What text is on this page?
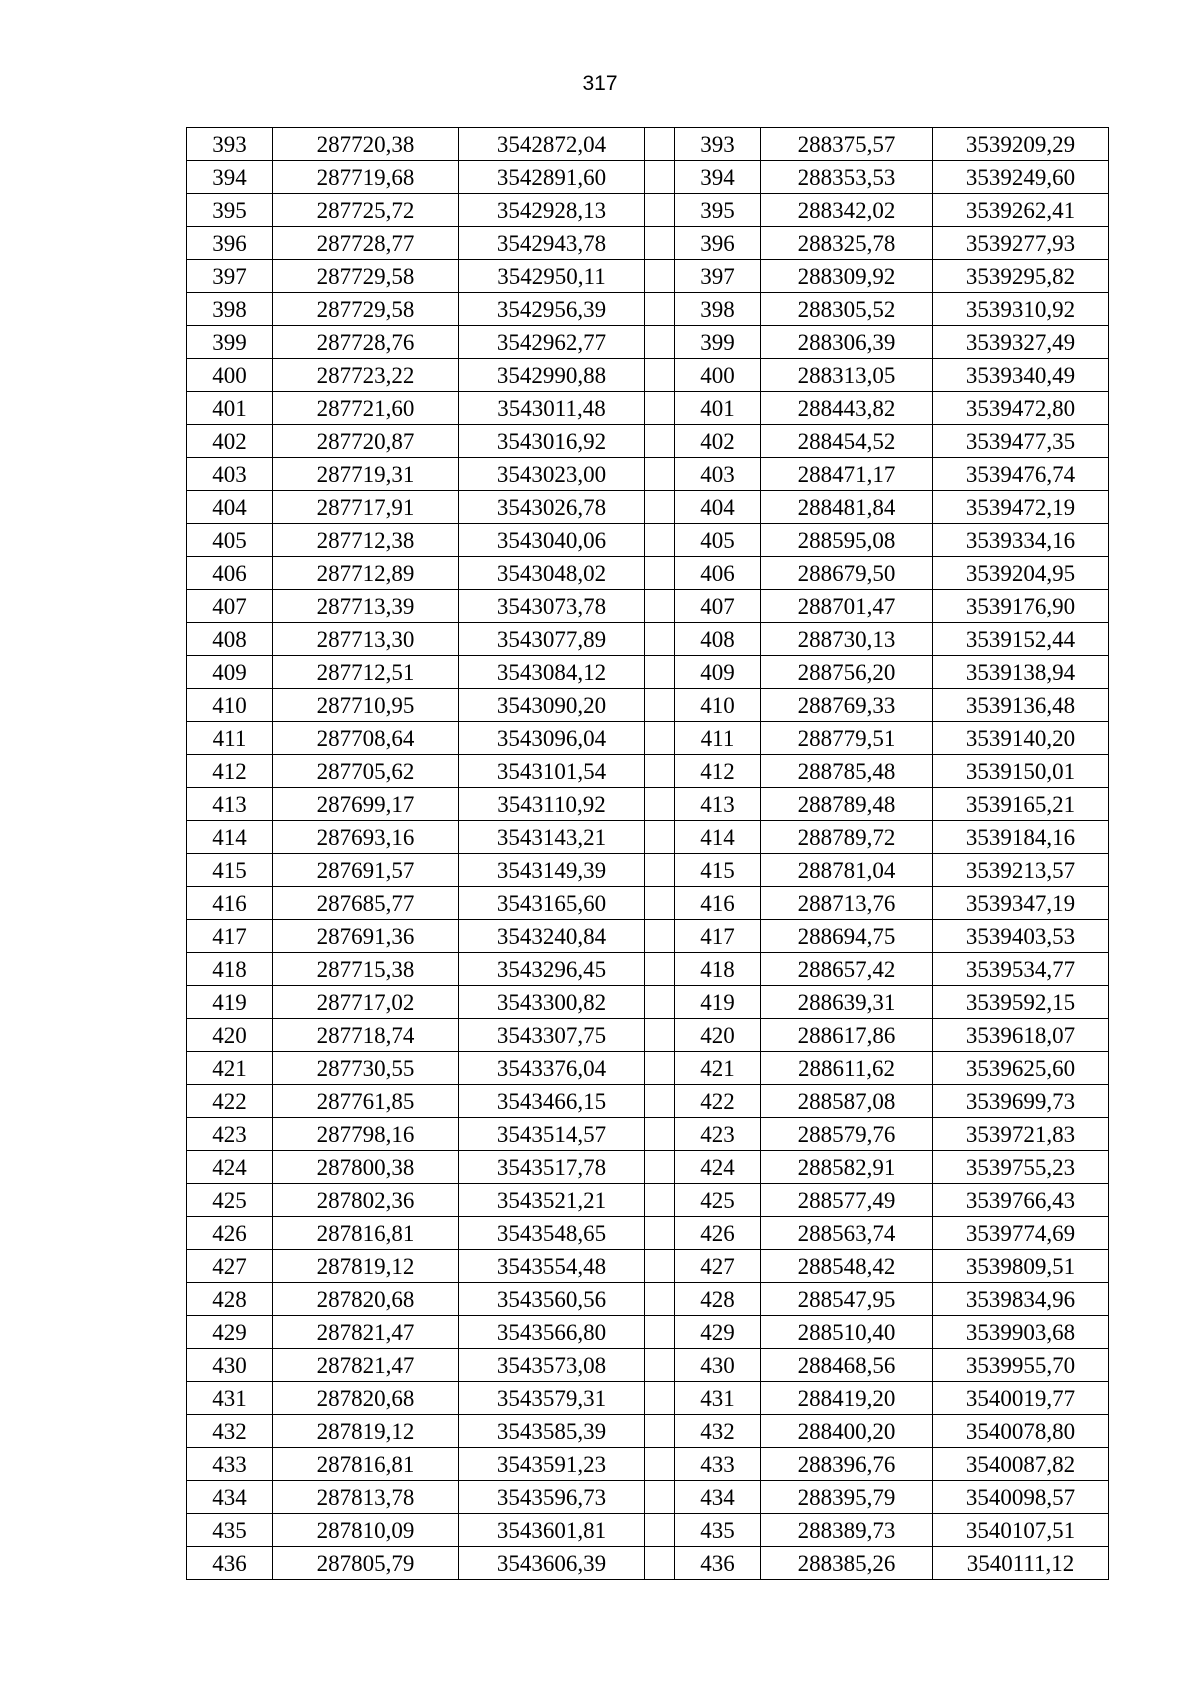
317
393	287720,38	3542872,04		393	288375,57	3539209,29
394	287719,68	3542891,60		394	288353,53	3539249,60
395	287725,72	3542928,13		395	288342,02	3539262,41
396	287728,77	3542943,78		396	288325,78	3539277,93
397	287729,58	3542950,11		397	288309,92	3539295,82
398	287729,58	3542956,39		398	288305,52	3539310,92
399	287728,76	3542962,77		399	288306,39	3539327,49
400	287723,22	3542990,88		400	288313,05	3539340,49
401	287721,60	3543011,48		401	288443,82	3539472,80
402	287720,87	3543016,92		402	288454,52	3539477,35
403	287719,31	3543023,00		403	288471,17	3539476,74
404	287717,91	3543026,78		404	288481,84	3539472,19
405	287712,38	3543040,06		405	288595,08	3539334,16
406	287712,89	3543048,02		406	288679,50	3539204,95
407	287713,39	3543073,78		407	288701,47	3539176,90
408	287713,30	3543077,89		408	288730,13	3539152,44
409	287712,51	3543084,12		409	288756,20	3539138,94
410	287710,95	3543090,20		410	288769,33	3539136,48
411	287708,64	3543096,04		411	288779,51	3539140,20
412	287705,62	3543101,54		412	288785,48	3539150,01
413	287699,17	3543110,92		413	288789,48	3539165,21
414	287693,16	3543143,21		414	288789,72	3539184,16
415	287691,57	3543149,39		415	288781,04	3539213,57
416	287685,77	3543165,60		416	288713,76	3539347,19
417	287691,36	3543240,84		417	288694,75	3539403,53
418	287715,38	3543296,45		418	288657,42	3539534,77
419	287717,02	3543300,82		419	288639,31	3539592,15
420	287718,74	3543307,75		420	288617,86	3539618,07
421	287730,55	3543376,04		421	288611,62	3539625,60
422	287761,85	3543466,15		422	288587,08	3539699,73
423	287798,16	3543514,57		423	288579,76	3539721,83
424	287800,38	3543517,78		424	288582,91	3539755,23
425	287802,36	3543521,21		425	288577,49	3539766,43
426	287816,81	3543548,65		426	288563,74	3539774,69
427	287819,12	3543554,48		427	288548,42	3539809,51
428	287820,68	3543560,56		428	288547,95	3539834,96
429	287821,47	3543566,80		429	288510,40	3539903,68
430	287821,47	3543573,08		430	288468,56	3539955,70
431	287820,68	3543579,31		431	288419,20	3540019,77
432	287819,12	3543585,39		432	288400,20	3540078,80
433	287816,81	3543591,23		433	288396,76	3540087,82
434	287813,78	3543596,73		434	288395,79	3540098,57
435	287810,09	3543601,81		435	288389,73	3540107,51
436	287805,79	3543606,39		436	288385,26	3540111,12
